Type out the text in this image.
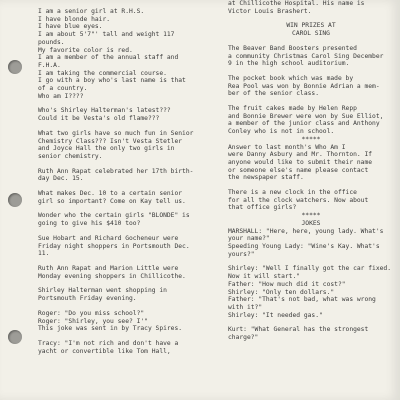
I am a senior girl at R.H.S.
I have blonde hair.
I have blue eyes.
I am about 5'7"' tall and weight 117
pounds.
My favorite color is red.
I am a member of the annual staff and
F.H.A.
I am taking the commercial course.
I go with a boy who's last name is that
of a country.
Who am I????
Who's Shirley Halterman's latest???
Could it be Vesta's old flame???
What two girls have so much fun in Senior
Chemistry Class??? Isn't Vesta Stetler
and Joyce Hall the only two girls in
senior chemistry.
Ruth Ann Rapat celebrated her 17th birth-
day Dec. 15.
What makes Dec. 10 to a certain senior
girl so important? Come on Kay tell us.
Wonder who the certain girls "BLONDE" is
going to give his $410 too?
Sue Hobart and Richard Gocheneur were
Friday night shoppers in Portsmouth Dec.
11.
Ruth Ann Rapat and Marion Little were
Monday evening shoppers in Chillicothe.
Shirley Halterman went shopping in
Portsmouth Friday evening.
Roger: "Do you miss school?"
Roger: "Shirley, you see? I'"
This joke was sent in by Tracy Spires.
Tracy: "I'm not rich and don't have a
yacht or convertible like Tom Hall,
at Chillicothe Hospital. His name is
Victor Louis Brashert.
WIN PRIZES AT
CAROL SING
The Beaver Band Boosters presented
a community Christmas Carol Sing December
9 in the high school auditorium.
The pocket book which was made by
Rea Pool was won by Bonnie Adrian a mem-
ber of the senior class.
The fruit cakes made by Helen Repp
and Bonnie Brewer were won by Sue Elliot,
a member of the junior class and Anthony
Conley who is not in school.
*****
Answer to last month's Who Am I
were Danny Asbury and Mr. Thornton. If
anyone would like to submit their name
or someone else's name please contact
the newspaper staff.
There is a new clock in the office
for all the clock watchers. Now about
that office girls?
*****
JOKES
MARSHALL: "Here, here, young lady. What's
your name?"
Speeding Young Lady: "Wine's Kay. What's
yours?"
Shirley: "Well I finally got the car fixed.
Now it will start."
Father: "How much did it cost?"
Shirley: "Only ten dollars."
Father: "That's not bad, what was wrong
with it?"
Shirley: "It needed gas."
Kurt: "What General has the strongest
charge?"
